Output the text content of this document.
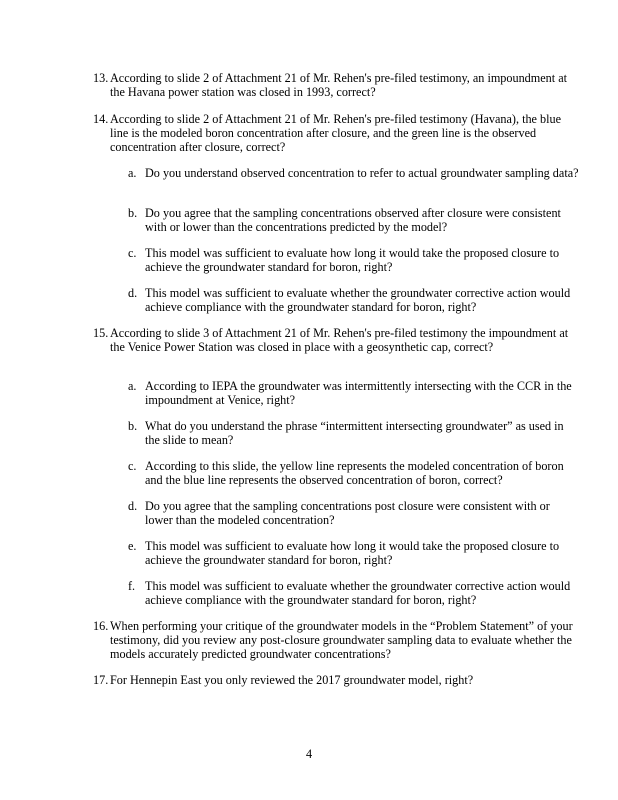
13. According to slide 2 of Attachment 21 of Mr. Rehen's pre-filed testimony, an impoundment at the Havana power station was closed in 1993, correct?
14. According to slide 2 of Attachment 21 of Mr. Rehen's pre-filed testimony (Havana), the blue line is the modeled boron concentration after closure, and the green line is the observed concentration after closure, correct?
a. Do you understand observed concentration to refer to actual groundwater sampling data?
b. Do you agree that the sampling concentrations observed after closure were consistent with or lower than the concentrations predicted by the model?
c. This model was sufficient to evaluate how long it would take the proposed closure to achieve the groundwater standard for boron, right?
d. This model was sufficient to evaluate whether the groundwater corrective action would achieve compliance with the groundwater standard for boron, right?
15. According to slide 3 of Attachment 21 of Mr. Rehen's pre-filed testimony the impoundment at the Venice Power Station was closed in place with a geosynthetic cap, correct?
a. According to IEPA the groundwater was intermittently intersecting with the CCR in the impoundment at Venice, right?
b. What do you understand the phrase “intermittent intersecting groundwater” as used in the slide to mean?
c. According to this slide, the yellow line represents the modeled concentration of boron and the blue line represents the observed concentration of boron, correct?
d. Do you agree that the sampling concentrations post closure were consistent with or lower than the modeled concentration?
e. This model was sufficient to evaluate how long it would take the proposed closure to achieve the groundwater standard for boron, right?
f. This model was sufficient to evaluate whether the groundwater corrective action would achieve compliance with the groundwater standard for boron, right?
16. When performing your critique of the groundwater models in the “Problem Statement” of your testimony, did you review any post-closure groundwater sampling data to evaluate whether the models accurately predicted groundwater concentrations?
17. For Hennepin East you only reviewed the 2017 groundwater model, right?
4
